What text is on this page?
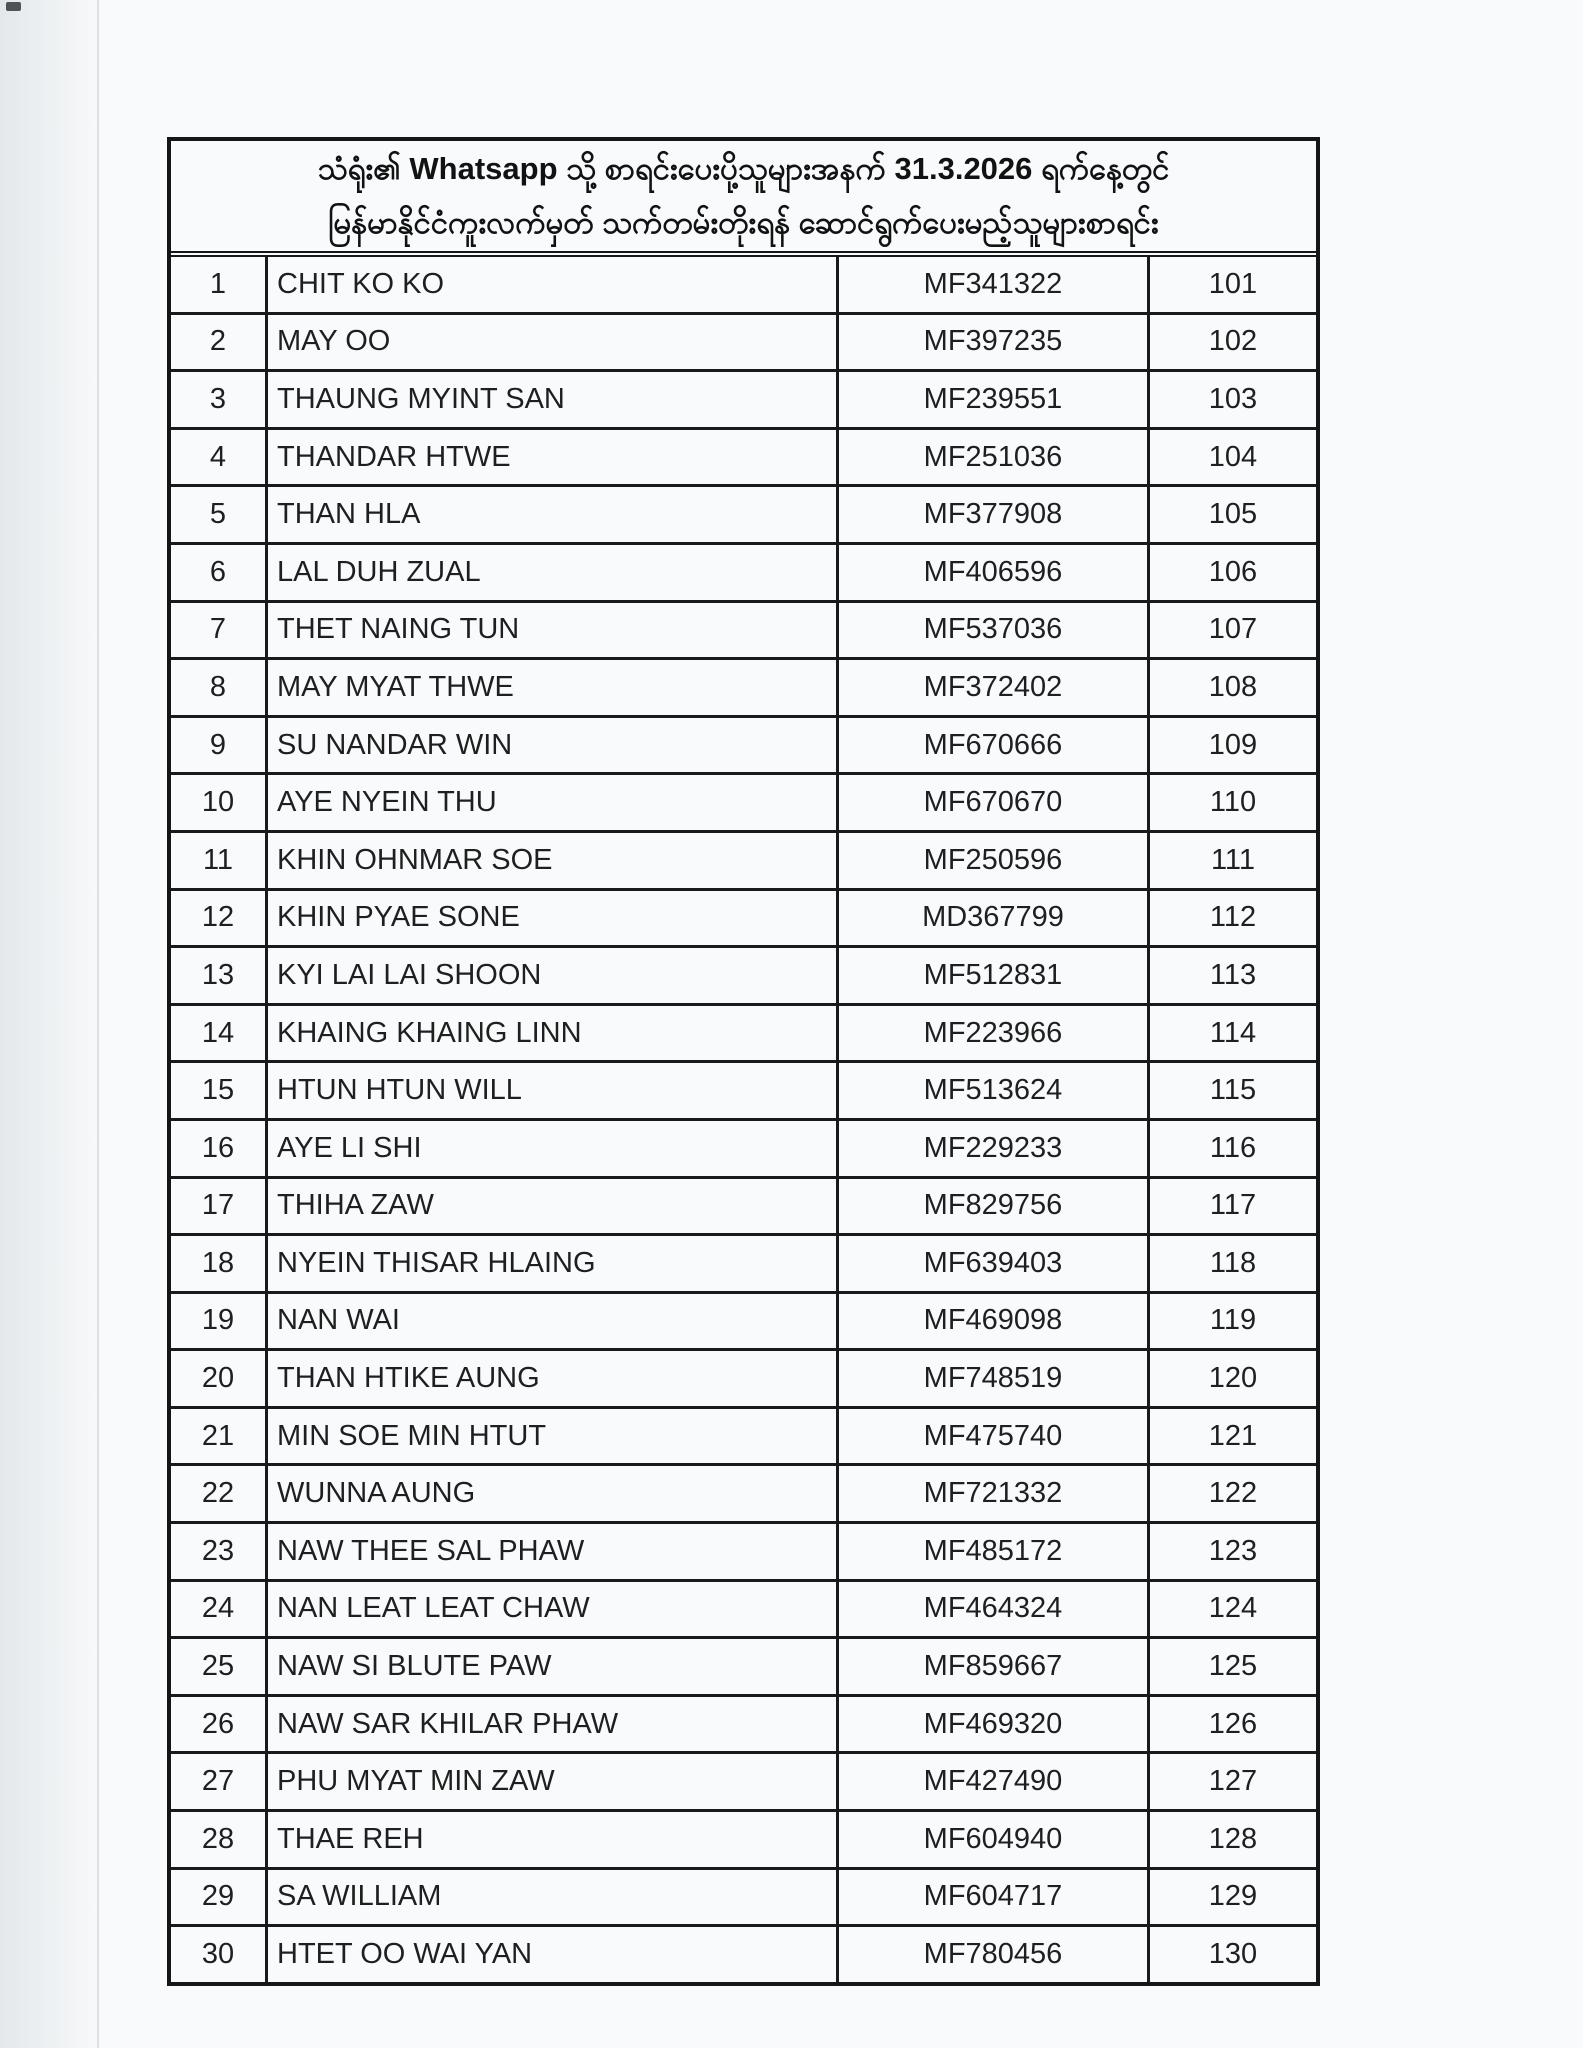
သံရုံး၏ Whatsapp သို့ စာရင်းပေးပို့သူများအနက် 31.3.2026 ရက်နေ့တွင်
မြန်မာနိုင်ငံကူးလက်မှတ် သက်တမ်းတိုးရန် ဆောင်ရွက်ပေးမည့်သူများစာရင်း
1	CHIT KO KO	MF341322	101
2	MAY OO	MF397235	102
3	THAUNG MYINT SAN	MF239551	103
4	THANDAR HTWE	MF251036	104
5	THAN HLA	MF377908	105
6	LAL DUH ZUAL	MF406596	106
7	THET NAING TUN	MF537036	107
8	MAY MYAT THWE	MF372402	108
9	SU NANDAR WIN	MF670666	109
10	AYE NYEIN THU	MF670670	110
11	KHIN OHNMAR SOE	MF250596	111
12	KHIN PYAE SONE	MD367799	112
13	KYI LAI LAI SHOON	MF512831	113
14	KHAING KHAING LINN	MF223966	114
15	HTUN HTUN WILL	MF513624	115
16	AYE LI SHI	MF229233	116
17	THIHA ZAW	MF829756	117
18	NYEIN THISAR HLAING	MF639403	118
19	NAN WAI	MF469098	119
20	THAN HTIKE AUNG	MF748519	120
21	MIN SOE MIN HTUT	MF475740	121
22	WUNNA AUNG	MF721332	122
23	NAW THEE SAL PHAW	MF485172	123
24	NAN LEAT LEAT CHAW	MF464324	124
25	NAW SI BLUTE PAW	MF859667	125
26	NAW SAR KHILAR PHAW	MF469320	126
27	PHU MYAT MIN ZAW	MF427490	127
28	THAE REH	MF604940	128
29	SA WILLIAM	MF604717	129
30	HTET OO WAI YAN	MF780456	130
